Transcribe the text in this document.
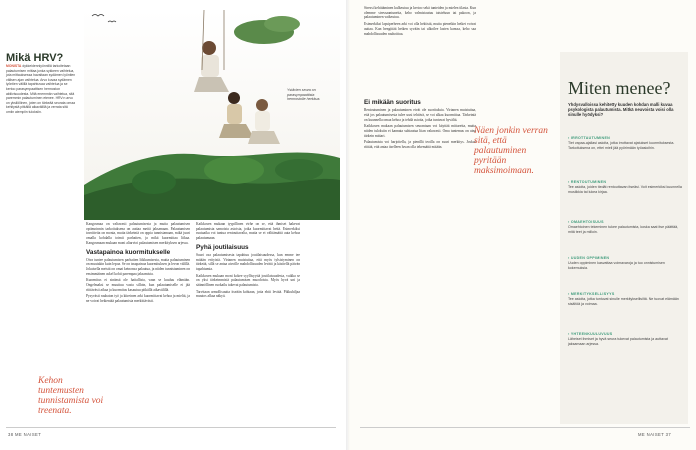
Mikä HRV?
MONISTA dykkeidennlyönnillä tarkoitetaan palautumisen mittaa jonka sykkeen vaihtelua, jota mittauksessa havaitaan sydämen lyöntien välisen ajan vaihtelua. Arvo kuvaa sydämen lyöntien välillä tapahtuvaa vaihtelua ja se kertoo parasympaattisen hermoston aktiivisuudesta. Mitä enemmän vaihtelua, sitä paremmin palautuminen etenee. HRV:n arvo on yksilöllinen, joten on tärkeää seurata omaa kehitystä pitkällä aikavälillä ja verrata sitä omiin aiempiin tuloksiin.
Ystävien seura on parasympaattista hermostolle herkkua.

Kangosmaa on valtavasti palautumisesta ja mutta palautumisen optimoinnin tarkoituksena on auttaa meitä jaksamaan. Palautumisen tavoitteita on monia, mutta tärkeintä on oppia tunnistamaan, mikä juuri omalla kohdalla toimii parhaiten, ja mikä kuormittaa liikaa. Kangosmaan mukaan moni aliarvioi palautumisen merkityksen arjessa.

Vastapainoa kuormitukselle

Oiva tuntee palautumisen parhaiten liikkumisesta, mutta palautuminen on muutakin kuin lepoa. Se on tasapainoa kuormituksen ja levon välillä. Jokaisella meistä on omat keinonsa palautua, ja niiden tunnistaminen on ensimmäinen askel kohti parempaa jaksamista.

Kuormitus ei sinänsä ole haitallista, vaan se kuuluu elämään. Ongelmaksi se muuttuu vasta silloin, kun palautumiselle ei jää riittävästi aikaa ja kuormitus kasautuu pitkällä aikavälillä.

Pysyvästi rauhaton työ ja kiireinen arki kuormittavat kehoa ja mieltä, ja ne voivat heikentää palautumista merkittävästi.

Kaikkosen mukaan tyypillinen virhe on se, että ihmiset hakevat palautumista samoista asioista, jotka kuormittavat heitä. Esimerkiksi ruutuaika voi tuntua rentouttavalta, mutta se ei välttämättä auta kehoa palautumaan.

Pyhä joutilaisuus

Suuri osa palautumisesta tapahtuu joutilaisuudessa, kun emme tee mitään erityistä. Virtanen muistuttaa, että myös tylsistyminen on tärkeää, sillä se antaa aivoille mahdollisuuden levätä ja käsitellä päivän tapahtumia.

Kaikkosen mukaan moni kokee syyllisyyttä joutilaisuudesta, vaikka se on yksi tärkeimmistä palautumisen muodoista. Myös hyvä uni ja säännöllinen ruokailu tukevat palautumista.

Tarvitaan armollisuutta itseään kohtaan, jotta ehtii levätä. Pikkuhiljaa muutos alkaa näkyä.

Kehon tuntemusten tunnistamista voi treenata.
38 ME NAISET

Stressi kehittäminen kulkeutuu ja kertoo sekä tunteiden ja mielen tilasta. Kun olemme stressaantuneita, keho valmistautuu taisteluun tai pakoon, ja palautuminen vaikeutuu.

Esimerkiksi lapsiperheen arki voi olla hektistä, mutta pienetkin hetket voivat auttaa. Kun hengittää hetken syvään tai ulkoilee lasten kanssa, keho saa mahdollisuuden rauhoittua.

Ei mikään suoritus

Rentoutuminen ja palautuminen eivät ole suorituksia. Virtanen muistuttaa, että jos palautumisesta tulee uusi tehtävä, se voi alkaa kuormittaa. Tärkeintä on kuunnella omaa kehoa ja tehdä asioita, jotka tuntuvat hyvältä.

Kaikkosen mukaan palautumisen seurantaan voi käyttää mittareita, mutta niiden tuloksiin ei kannata suhtautua liian vakavasti. Oma tuntemus on aina tärkein mittari.

Palautumista voi harjoitella, ja pienillä teoilla on suuri merkitys. Joskus riittää, että antaa itselleen luvan olla tekemättä mitään.

Näen jonkin verran sitä, että palautuminen pyritään maksimoimaan.
Miten menee?
Yhdysvalloissa kehitetty kuuden kohdan malli kuvaa psykologista palautumista. Mitkä neuvoista voisi olla sinulle hyödyksi?
▪ IRROTTAUTUMINEN
Tiet vapaa-ajallasi asioita, jotka irrottavat ajatukset kuormituksesta. Tarkoituksena on, ettei mieli jää pyörimään työasioihin.
▪ RENTOUTUMINEN
Tee asioita, joiden tiedät rentouttavan itseäsi. Voit esimerkiksi kuunnella musiikkia tai lukea kirjaa.
▪ OMAEHTOISUUS
Omaehtoinen tekeminen tukee palautumista, koska saat itse päättää, mitä teet ja milloin.
▪ UUDEN OPPIMINEN
Uuden oppiminen kasvattaa voimavaroja ja tuo onnistumisen kokemuksia.
▪ MERKITYKSELLISYYS
Tee asioita, jotka tuntuvat sinulle merkityksellisiltä. Ne tuovat elämään sisältöä ja voimaa.
▪ YHTEENKUULUVUUS
Läheiset ihmiset ja hyvä seura tukevat palautumista ja auttavat jaksamaan arjessa.
ME NAISET 37
